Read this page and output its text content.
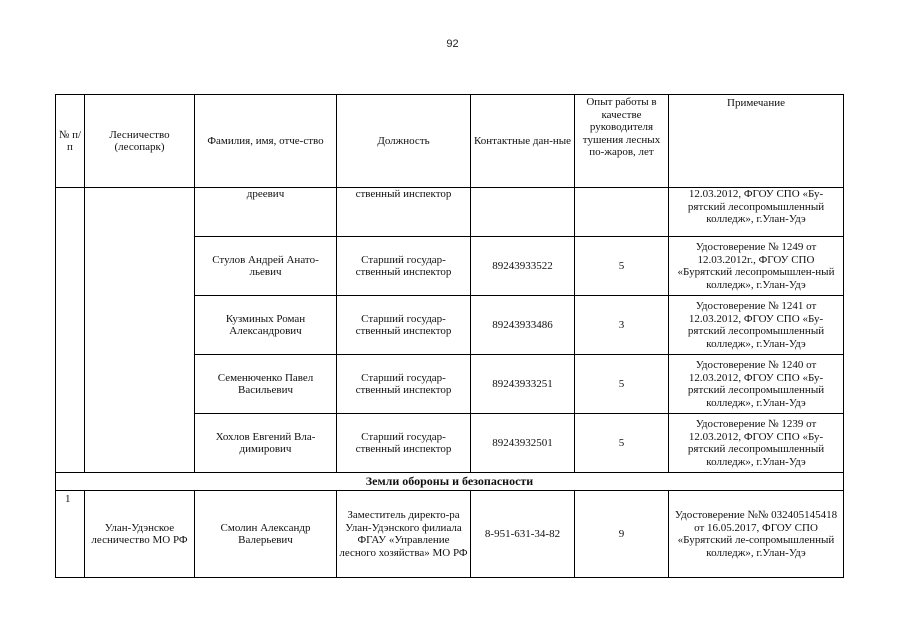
92
№ п/п	Лесничество (лесопарк)	Фамилия, имя, отче-ство	Должность	Контактные дан-ные	Опыт работы в качестве руководителя тушения лесных по-жаров, лет	Примечание
		дреевич	ственный инспектор			12.03.2012, ФГОУ СПО «Бу-рятский лесопромышленный колледж», г.Улан-Удэ
		Стулов Андрей Анато-льевич	Старший государ-ственный инспектор	89243933522	5	Удостоверение № 1249 от 12.03.2012г., ФГОУ СПО «Бурятский лесопромышлен-ный колледж», г.Улан-Удэ
		Кузминых Роман Александрович	Старший государ-ственный инспектор	89243933486	3	Удостоверение № 1241 от 12.03.2012, ФГОУ СПО «Бу-рятский лесопромышленный колледж», г.Улан-Удэ
		Семенюченко Павел Васильевич	Старший государ-ственный инспектор	89243933251	5	Удостоверение № 1240 от 12.03.2012, ФГОУ СПО «Бу-рятский лесопромышленный колледж», г.Улан-Удэ
		Хохлов Евгений Вла-димирович	Старший государ-ственный инспектор	89243932501	5	Удостоверение № 1239 от 12.03.2012, ФГОУ СПО «Бу-рятский лесопромышленный колледж», г.Улан-Удэ
Земли обороны и безопасности						
1	Улан-Удэнское лесничество МО РФ	Смолин Александр Валерьевич	Заместитель директо-ра Улан-Удэнского филиала ФГАУ «Управление лесного хозяйства» МО РФ	8-951-631-34-82	9	Удостоверение №№ 032405145418 от 16.05.2017, ФГОУ СПО «Бурятский ле-сопромышленный колледж», г.Улан-Удэ
